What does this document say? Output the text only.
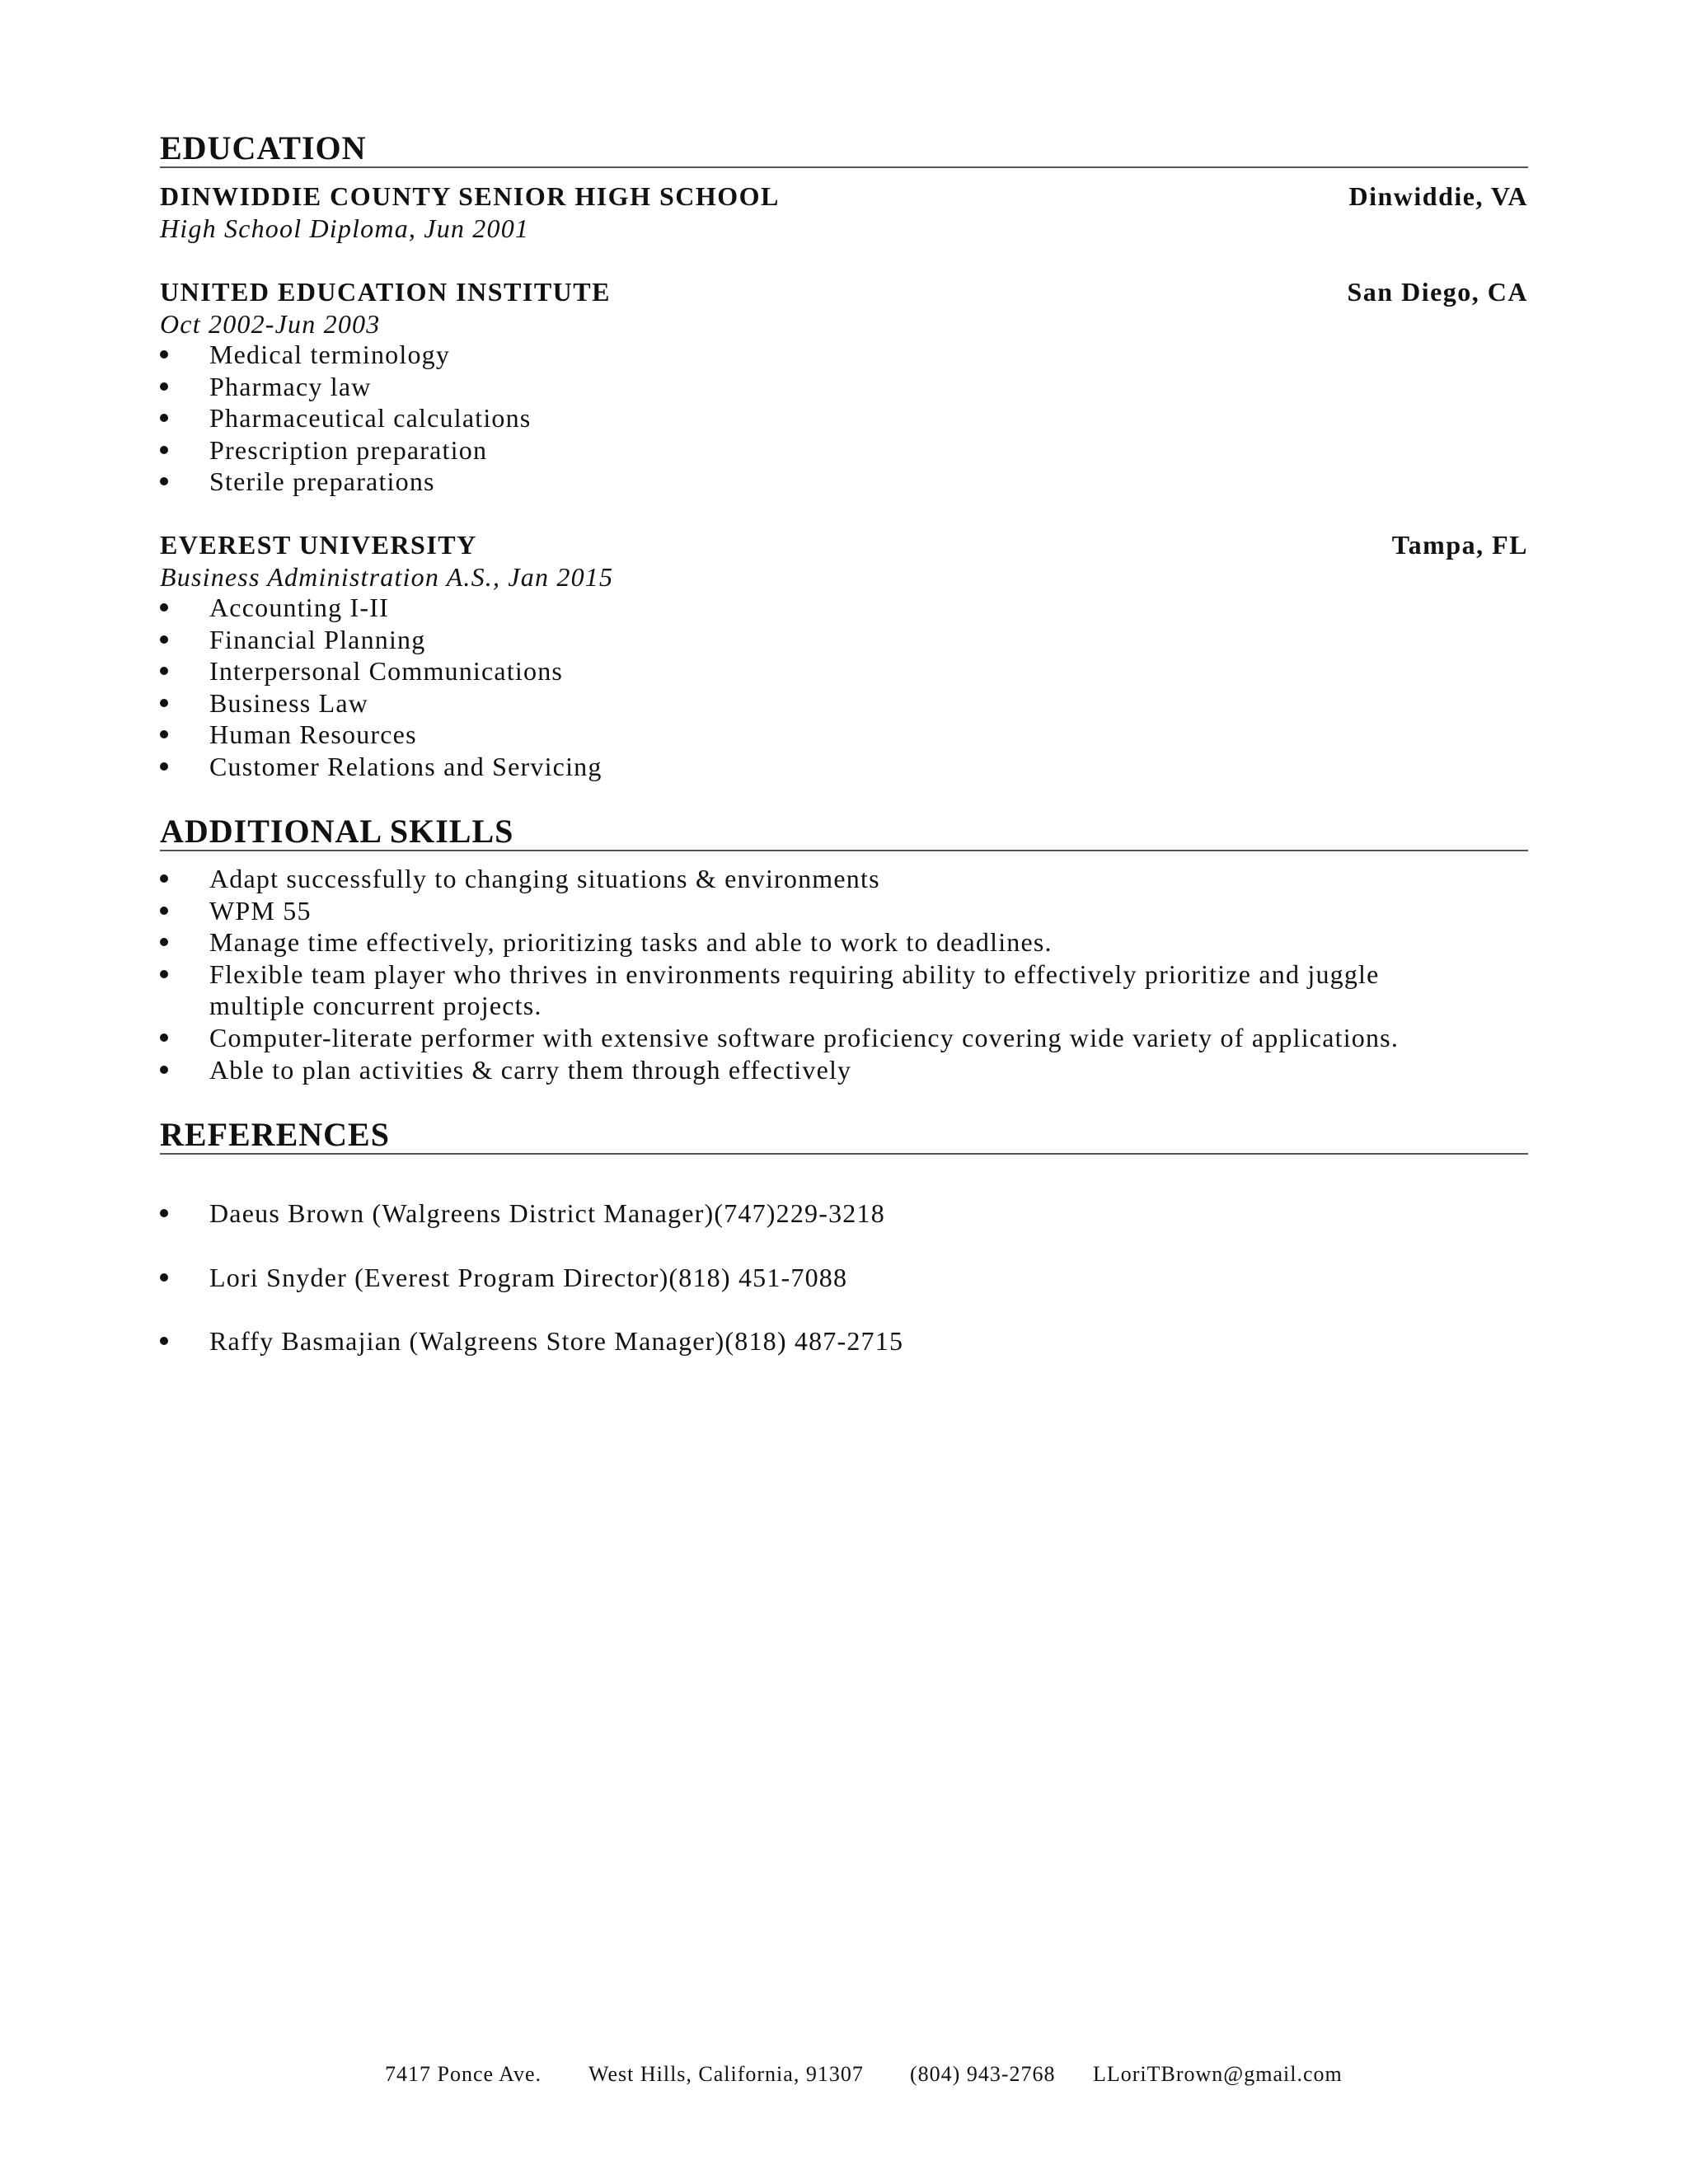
EDUCATION
DINWIDDIE COUNTY SENIOR HIGH SCHOOL	Dinwiddie, VA
High School Diploma, Jun 2001
UNITED EDUCATION INSTITUTE	San Diego, CA
Oct 2002-Jun 2003
Medical terminology
Pharmacy law
Pharmaceutical calculations
Prescription preparation
Sterile preparations
EVEREST UNIVERSITY	Tampa, FL
Business Administration A.S., Jan 2015
Accounting I-II
Financial Planning
Interpersonal Communications
Business Law
Human Resources
Customer Relations and Servicing
ADDITIONAL SKILLS
Adapt successfully to changing situations & environments
WPM 55
Manage time effectively, prioritizing tasks and able to work to deadlines.
Flexible team player who thrives in environments requiring ability to effectively prioritize and juggle multiple concurrent projects.
Computer-literate performer with extensive software proficiency covering wide variety of applications.
Able to plan activities & carry them through effectively
REFERENCES
Daeus Brown (Walgreens District Manager)(747)229-3218
Lori Snyder (Everest Program Director)(818) 451-7088
Raffy Basmajian (Walgreens Store Manager)(818) 487-2715
7417 Ponce Ave. West Hills, California, 91307 (804) 943-2768 LLoriTBrown@gmail.com
